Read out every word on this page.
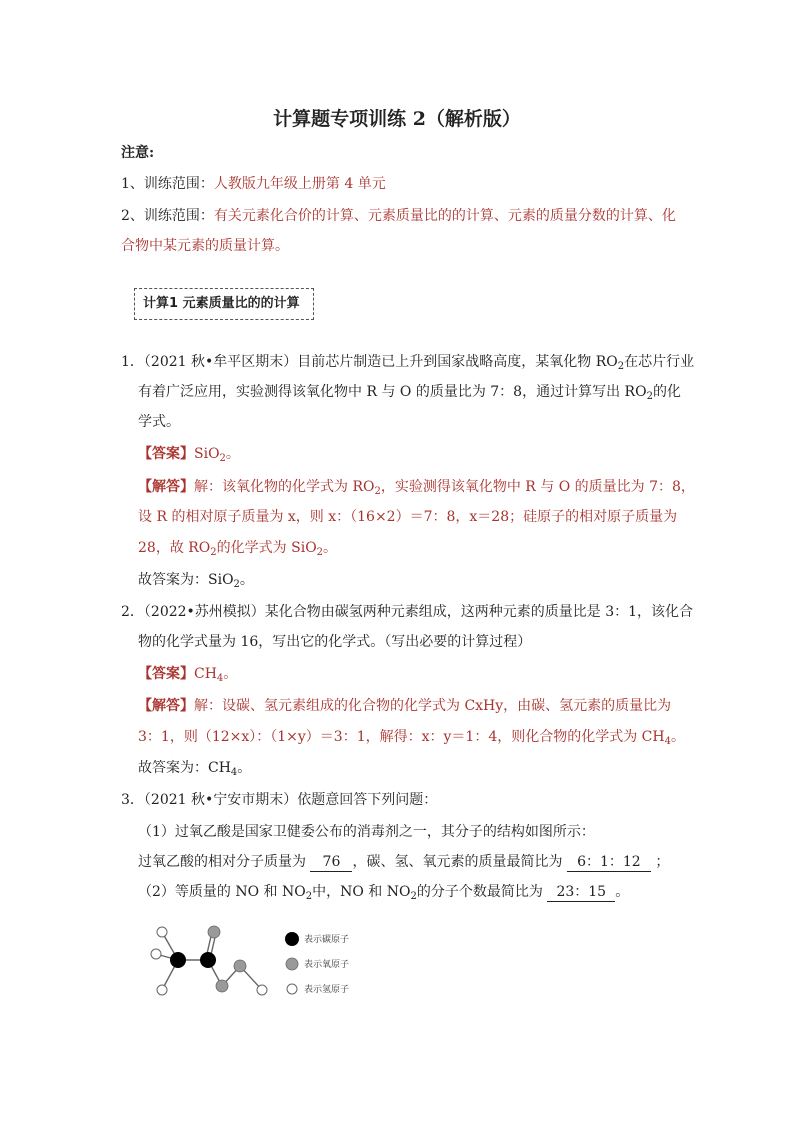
计算题专项训练 2（解析版）
注意:
1、训练范围：人教版九年级上册第 4 单元
2、训练范围：有关元素化合价的计算、元素质量比的的计算、元素的质量分数的计算、化
合物中某元素的质量计算。
计算1 元素质量比的的计算
1．（2021 秋•牟平区期末）目前芯片制造已上升到国家战略高度，某氧化物 $RO_2$在芯片行业
有着广泛应用，实验测得该氧化物中 R 与 O 的质量比为 7：8，通过计算写出 $RO_2$的化
学式。
【答案】SiO$_2$。
【解答】解：该氧化物的化学式为 $RO_2$，实验测得该氧化物中 R 与 O 的质量比为 7：8，
设 R 的相对原子质量为 x，则 x：（16×2）＝7：8，x＝28；硅原子的相对原子质量为
28，故 $RO_2$的化学式为 SiO$_2$。
故答案为：SiO$_2$。
2．（2022•苏州模拟）某化合物由碳氢两种元素组成，这两种元素的质量比是 3：1，该化合
物的化学式量为 16，写出它的化学式。（写出必要的计算过程）
【答案】$CH_4$。
【解答】解：设碳、氢元素组成的化合物的化学式为 CxHy，由碳、氢元素的质量比为
3：1，则（12×x）：（1×y）＝3：1，解得：x：y＝1：4，则化合物的化学式为 $CH_4$。
故答案为：$CH_4$。
3．（2021 秋•宁安市期末）依题意回答下列问题：
（1）过氧乙酸是国家卫健委公布的消毒剂之一，其分子的结构如图所示：
过氧乙酸的相对分子质量为 76 ，碳、氢、氧元素的质量最简比为 6：1：12 ；
（2）等质量的 NO 和 $NO_2$中，NO 和 $NO_2$的分子个数最简比为 23：15 。
表示碳原子
表示氧原子
表示氢原子
